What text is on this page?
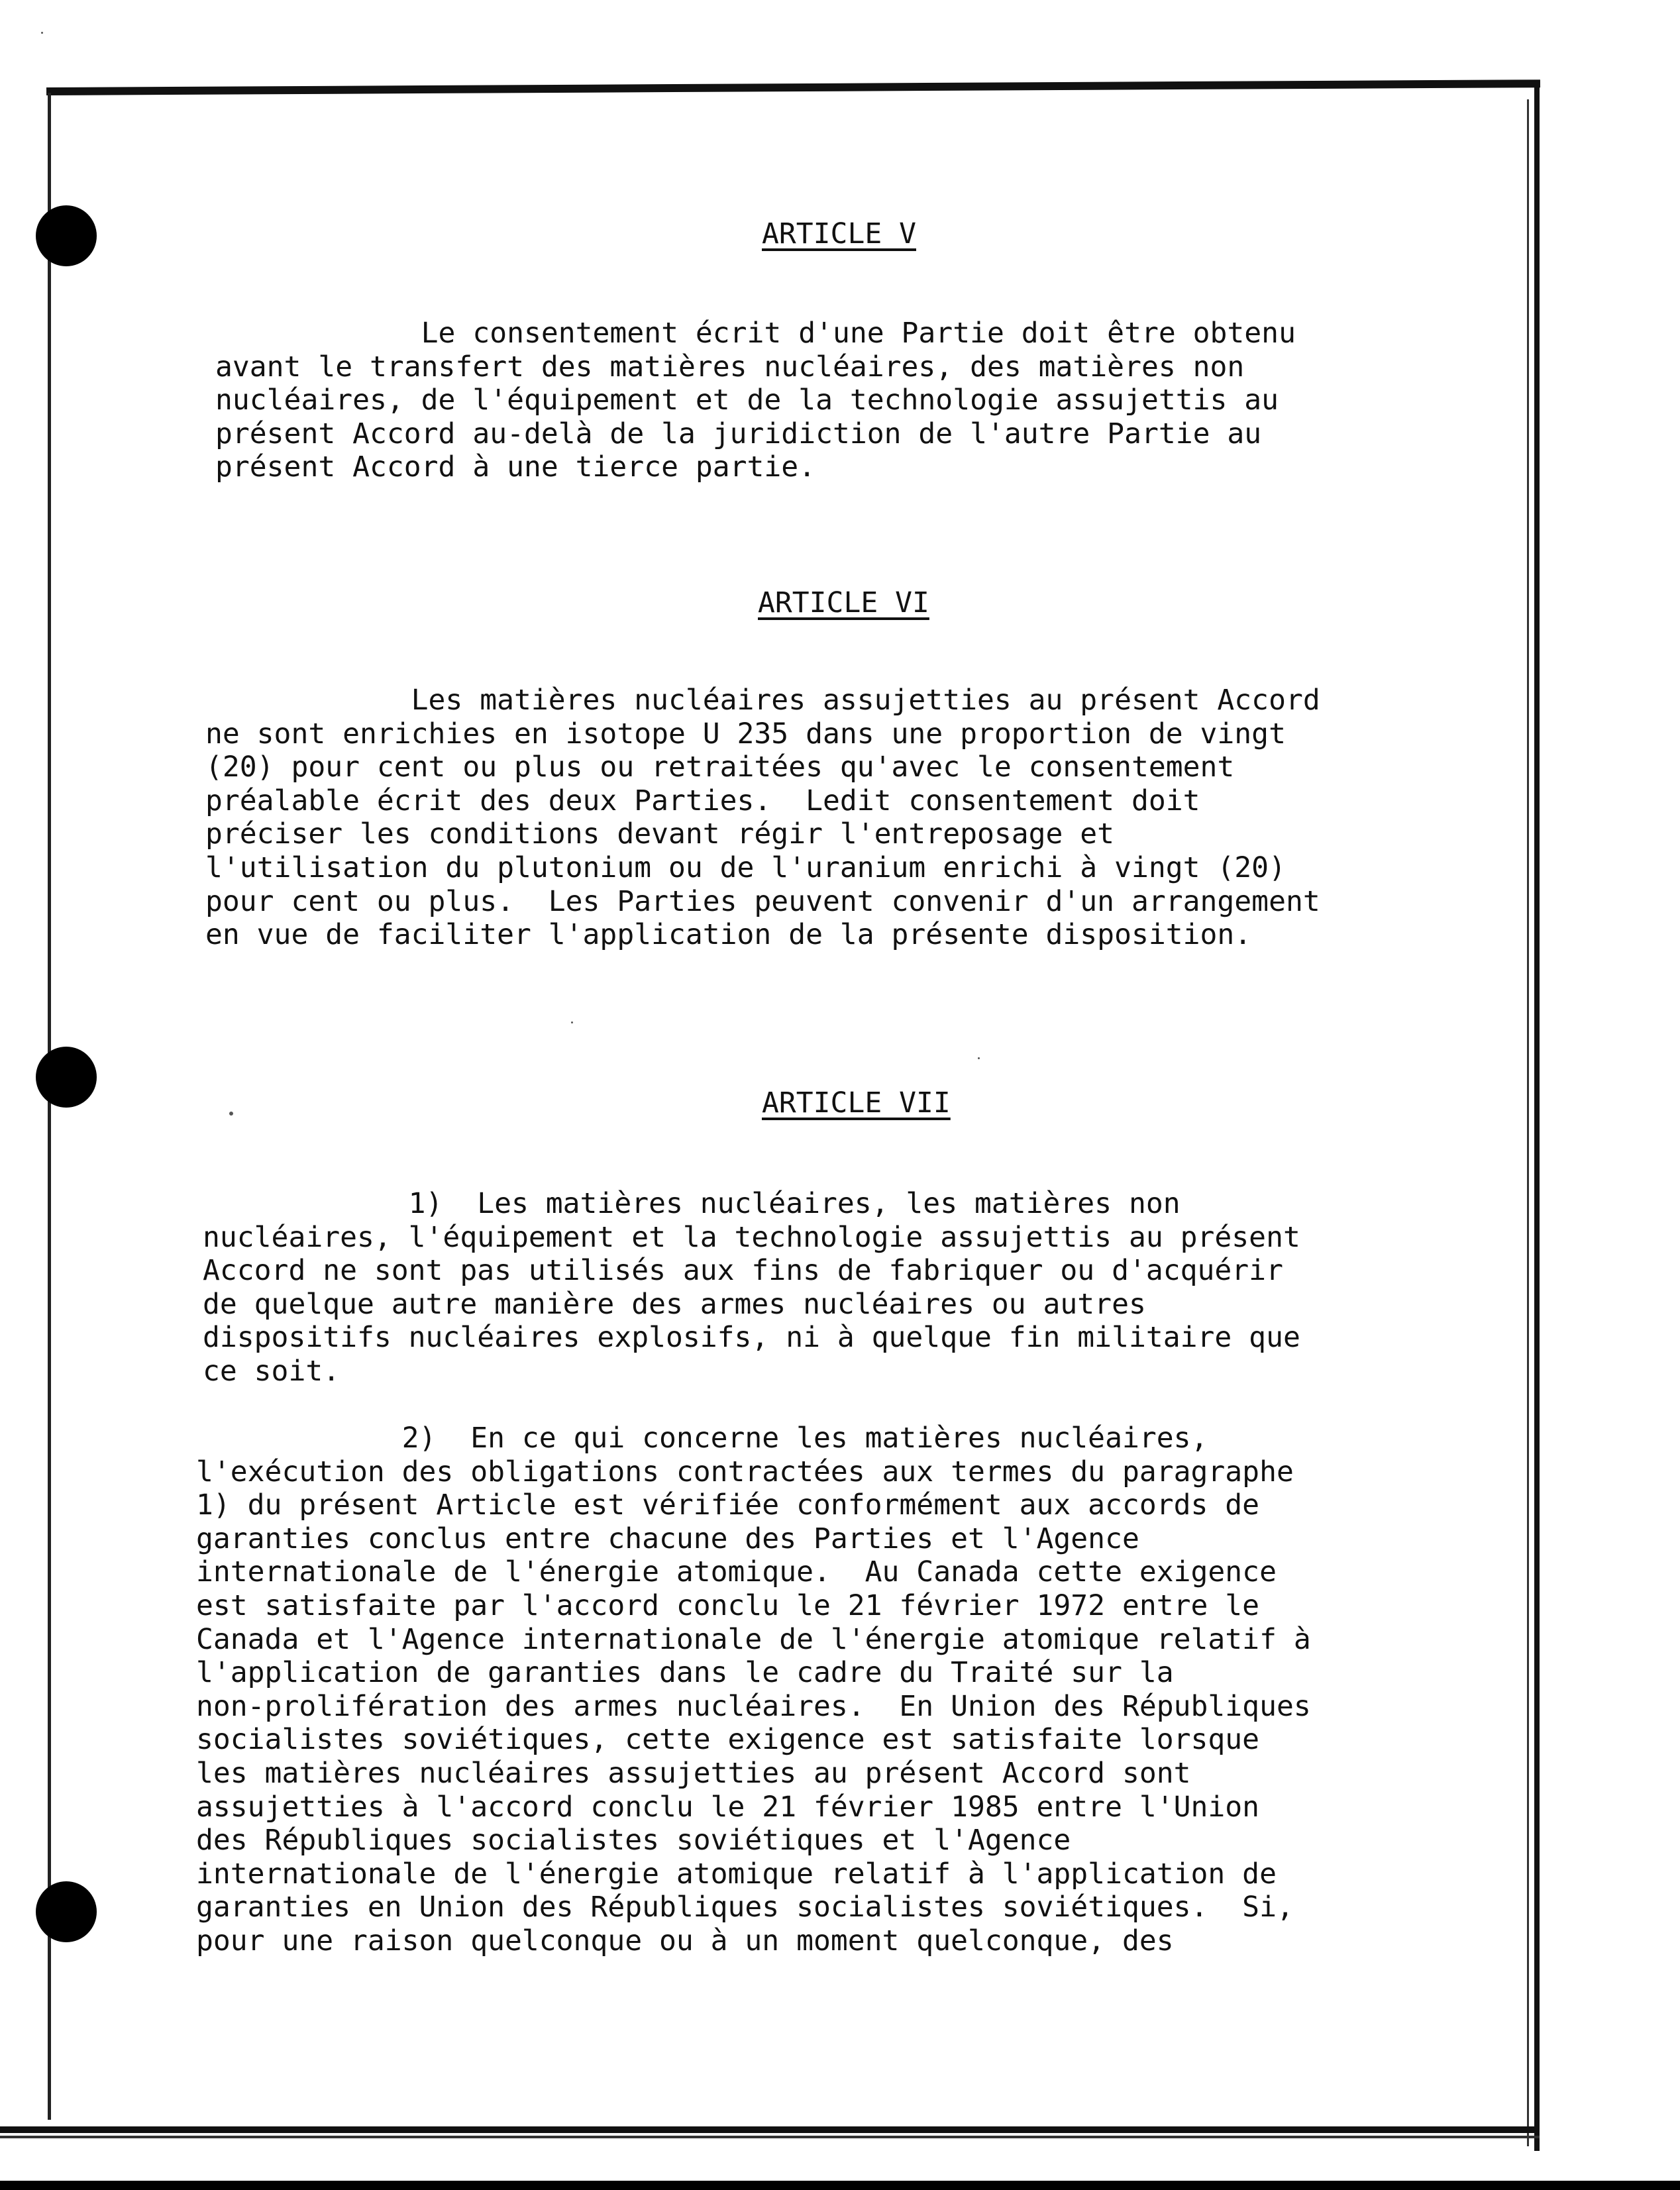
ARTICLE V

Le consentement écrit d'une Partie doit être obtenu
avant le transfert des matières nucléaires, des matières non
nucléaires, de l'équipement et de la technologie assujettis au
présent Accord au-delà de la juridiction de l'autre Partie au
présent Accord à une tierce partie.

ARTICLE VI

Les matières nucléaires assujetties au présent Accord
ne sont enrichies en isotope U 235 dans une proportion de vingt
(20) pour cent ou plus ou retraitées qu'avec le consentement
préalable écrit des deux Parties.  Ledit consentement doit
préciser les conditions devant régir l'entreposage et
l'utilisation du plutonium ou de l'uranium enrichi à vingt (20)
pour cent ou plus.  Les Parties peuvent convenir d'un arrangement
en vue de faciliter l'application de la présente disposition.

ARTICLE VII

1)  Les matières nucléaires, les matières non
nucléaires, l'équipement et la technologie assujettis au présent
Accord ne sont pas utilisés aux fins de fabriquer ou d'acquérir
de quelque autre manière des armes nucléaires ou autres
dispositifs nucléaires explosifs, ni à quelque fin militaire que
ce soit.

2)  En ce qui concerne les matières nucléaires,
l'exécution des obligations contractées aux termes du paragraphe
1) du présent Article est vérifiée conformément aux accords de
garanties conclus entre chacune des Parties et l'Agence
internationale de l'énergie atomique.  Au Canada cette exigence
est satisfaite par l'accord conclu le 21 février 1972 entre le
Canada et l'Agence internationale de l'énergie atomique relatif à
l'application de garanties dans le cadre du Traité sur la
non-prolifération des armes nucléaires.  En Union des Républiques
socialistes soviétiques, cette exigence est satisfaite lorsque
les matières nucléaires assujetties au présent Accord sont
assujetties à l'accord conclu le 21 février 1985 entre l'Union
des Républiques socialistes soviétiques et l'Agence
internationale de l'énergie atomique relatif à l'application de
garanties en Union des Républiques socialistes soviétiques.  Si,
pour une raison quelconque ou à un moment quelconque, des
